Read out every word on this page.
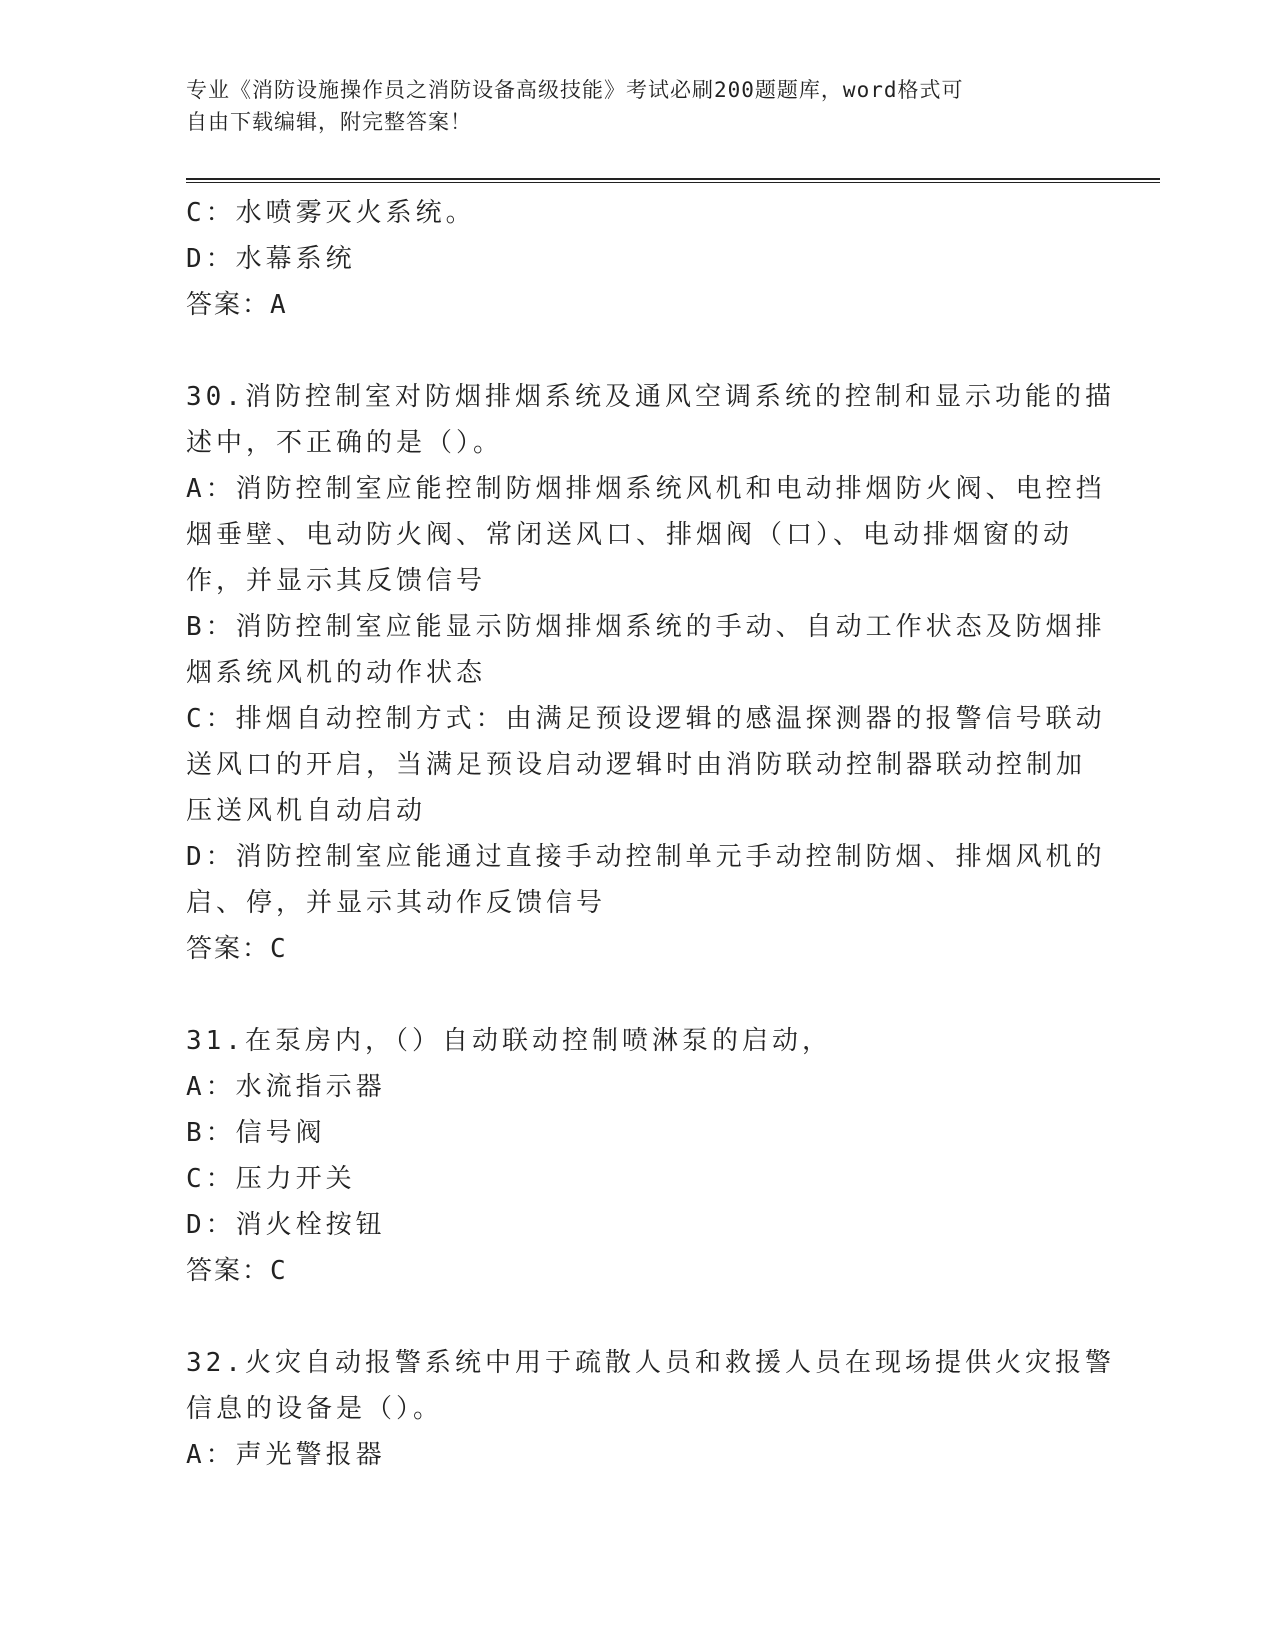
专业《消防设施操作员之消防设备高级技能》考试必刷200题题库，word格式可
自由下载编辑，附完整答案！
C：水喷雾灭火系统。
D：水幕系统
答案：A
30.消防控制室对防烟排烟系统及通风空调系统的控制和显示功能的描
述中，不正确的是（）。
A：消防控制室应能控制防烟排烟系统风机和电动排烟防火阀、电控挡
烟垂壁、电动防火阀、常闭送风口、排烟阀（口）、电动排烟窗的动
作，并显示其反馈信号
B：消防控制室应能显示防烟排烟系统的手动、自动工作状态及防烟排
烟系统风机的动作状态
C：排烟自动控制方式：由满足预设逻辑的感温探测器的报警信号联动
送风口的开启，当满足预设启动逻辑时由消防联动控制器联动控制加
压送风机自动启动
D：消防控制室应能通过直接手动控制单元手动控制防烟、排烟风机的
启、停，并显示其动作反馈信号
答案：C
31.在泵房内，（）自动联动控制喷淋泵的启动，
A：水流指示器
B：信号阀
C：压力开关
D：消火栓按钮
答案：C
32.火灾自动报警系统中用于疏散人员和救援人员在现场提供火灾报警
信息的设备是（）。
A：声光警报器
